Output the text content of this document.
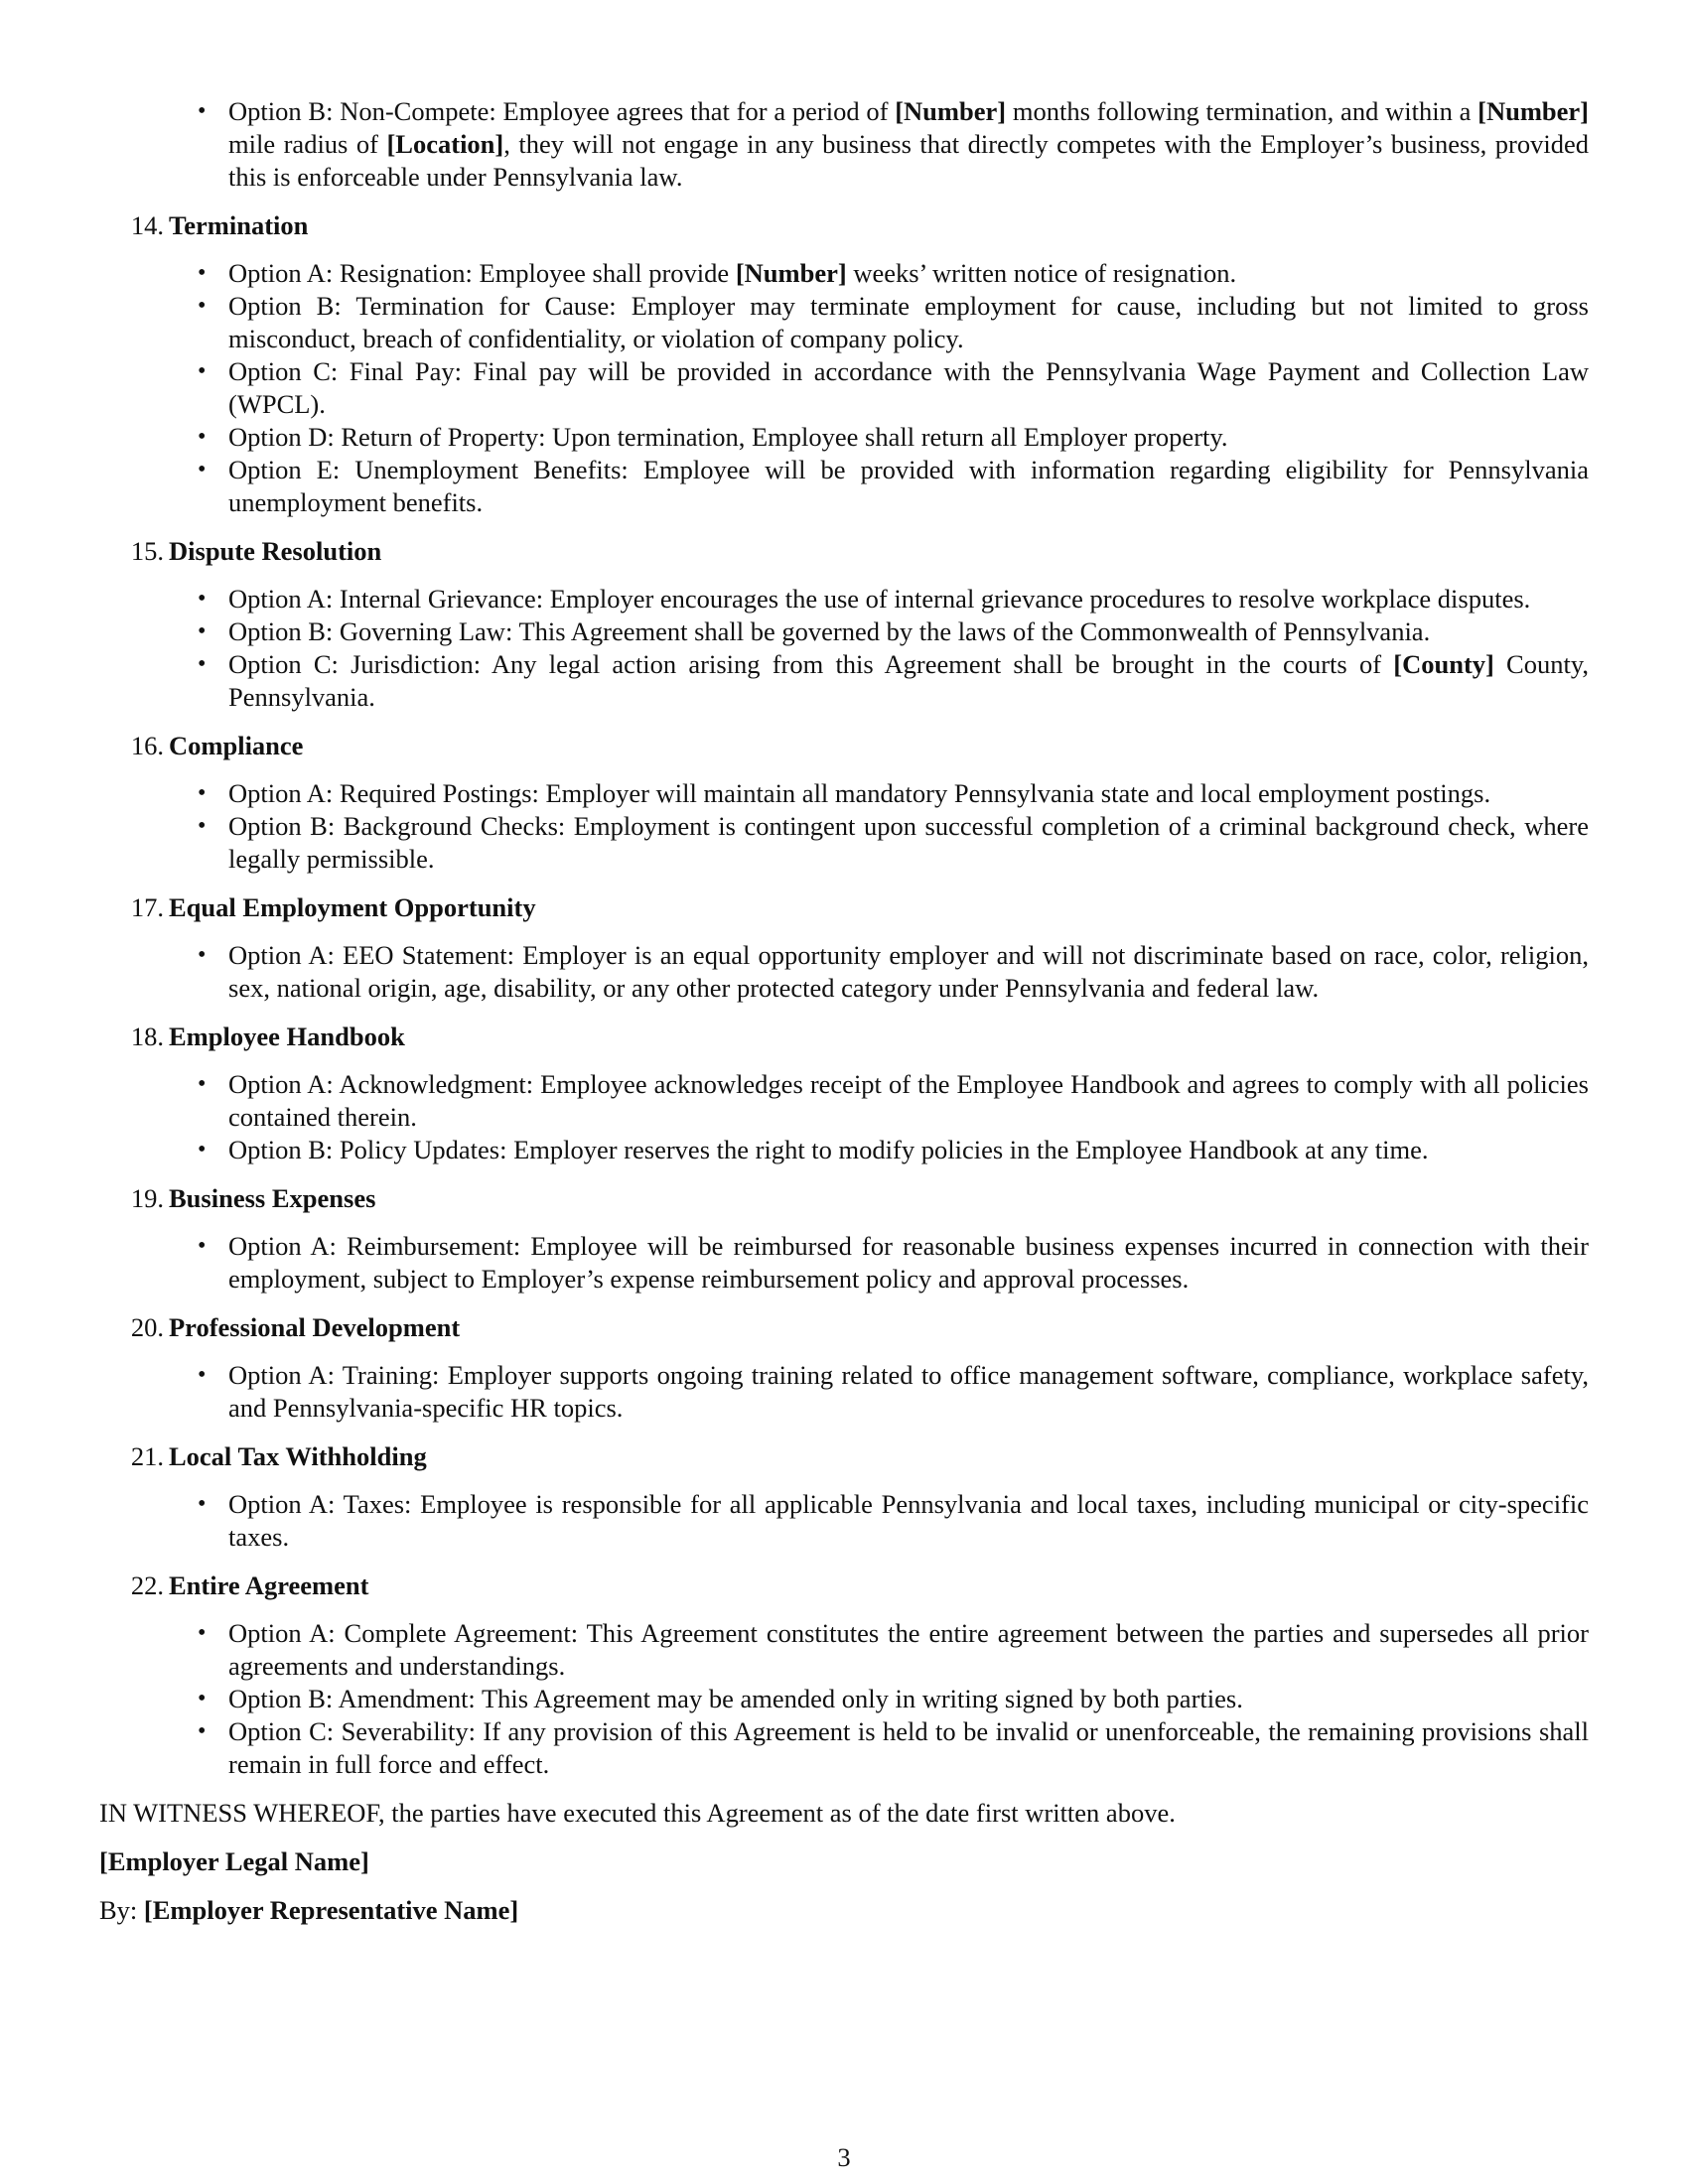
• Option B: Non-Compete: Employee agrees that for a period of [Number] months following termination, and within a [Number] mile radius of [Location], they will not engage in any business that directly competes with the Employer’s business, provided this is enforceable under Pennsylvania law.
14. Termination
• Option A: Resignation: Employee shall provide [Number] weeks’ written notice of resignation.
• Option B: Termination for Cause: Employer may terminate employment for cause, including but not limited to gross misconduct, breach of confidentiality, or violation of company policy.
• Option C: Final Pay: Final pay will be provided in accordance with the Pennsylvania Wage Payment and Collection Law (WPCL).
• Option D: Return of Property: Upon termination, Employee shall return all Employer property.
• Option E: Unemployment Benefits: Employee will be provided with information regarding eligibility for Pennsylvania unemployment benefits.
15. Dispute Resolution
• Option A: Internal Grievance: Employer encourages the use of internal grievance procedures to resolve workplace disputes.
• Option B: Governing Law: This Agreement shall be governed by the laws of the Commonwealth of Pennsylvania.
• Option C: Jurisdiction: Any legal action arising from this Agreement shall be brought in the courts of [County] County, Pennsylvania.
16. Compliance
• Option A: Required Postings: Employer will maintain all mandatory Pennsylvania state and local employment postings.
• Option B: Background Checks: Employment is contingent upon successful completion of a criminal background check, where legally permissible.
17. Equal Employment Opportunity
• Option A: EEO Statement: Employer is an equal opportunity employer and will not discriminate based on race, color, religion, sex, national origin, age, disability, or any other protected category under Pennsylvania and federal law.
18. Employee Handbook
• Option A: Acknowledgment: Employee acknowledges receipt of the Employee Handbook and agrees to comply with all policies contained therein.
• Option B: Policy Updates: Employer reserves the right to modify policies in the Employee Handbook at any time.
19. Business Expenses
• Option A: Reimbursement: Employee will be reimbursed for reasonable business expenses incurred in connection with their employment, subject to Employer’s expense reimbursement policy and approval processes.
20. Professional Development
• Option A: Training: Employer supports ongoing training related to office management software, compliance, workplace safety, and Pennsylvania-specific HR topics.
21. Local Tax Withholding
• Option A: Taxes: Employee is responsible for all applicable Pennsylvania and local taxes, including municipal or city-specific taxes.
22. Entire Agreement
• Option A: Complete Agreement: This Agreement constitutes the entire agreement between the parties and supersedes all prior agreements and understandings.
• Option B: Amendment: This Agreement may be amended only in writing signed by both parties.
• Option C: Severability: If any provision of this Agreement is held to be invalid or unenforceable, the remaining provisions shall remain in full force and effect.
IN WITNESS WHEREOF, the parties have executed this Agreement as of the date first written above.
[Employer Legal Name]
By: [Employer Representative Name]
3
